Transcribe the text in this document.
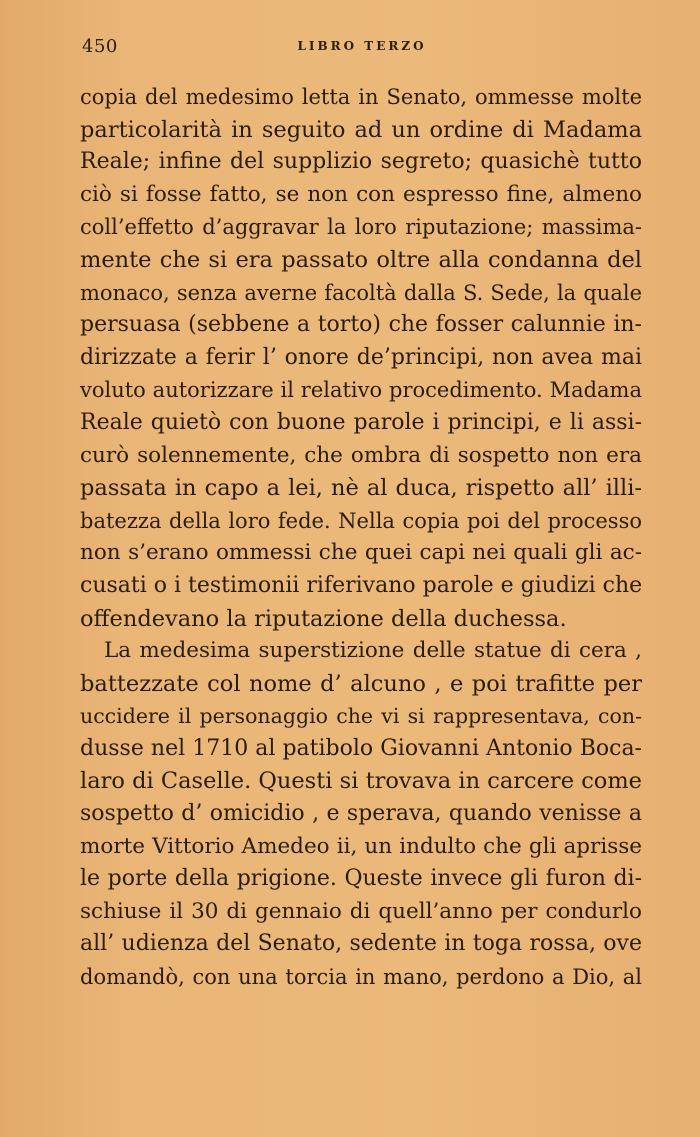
450	LIBRO TERZO
copia del medesimo letta in Senato, ommesse molte
particolarità in seguito ad un ordine di Madama
Reale; infine del supplizio segreto; quasichè tutto
ciò si fosse fatto, se non con espresso fine, almeno
coll’effetto d’aggravar la loro riputazione; massima-
mente che si era passato oltre alla condanna del
monaco, senza averne facoltà dalla S. Sede, la quale
persuasa (sebbene a torto) che fosser calunnie in-
dirizzate a ferir l’ onore de’principi, non avea mai
voluto autorizzare il relativo procedimento. Madama
Reale quietò con buone parole i principi, e li assi-
curò solennemente, che ombra di sospetto non era
passata in capo a lei, nè al duca, rispetto all’ illi-
batezza della loro fede. Nella copia poi del processo
non s’erano ommessi che quei capi nei quali gli ac-
cusati o i testimonii riferivano parole e giudizi che
offendevano la riputazione della duchessa.
La medesima superstizione delle statue di cera ,
battezzate col nome d’ alcuno , e poi trafitte per
uccidere il personaggio che vi si rappresentava, con-
dusse nel 1710 al patibolo Giovanni Antonio Boca-
laro di Caselle. Questi si trovava in carcere come
sospetto d’ omicidio , e sperava, quando venisse a
morte Vittorio Amedeo ii, un indulto che gli aprisse
le porte della prigione. Queste invece gli furon di-
schiuse il 30 di gennaio di quell’anno per condurlo
all’ udienza del Senato, sedente in toga rossa, ove
domandò, con una torcia in mano, perdono a Dio, al
